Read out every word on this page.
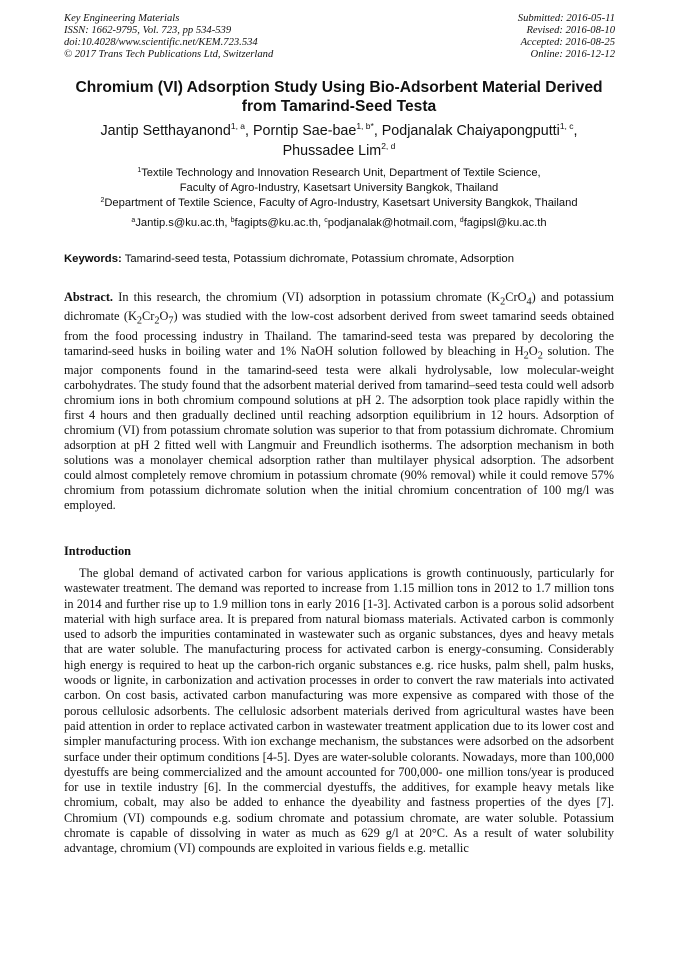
Key Engineering Materials
ISSN: 1662-9795, Vol. 723, pp 534-539
doi:10.4028/www.scientific.net/KEM.723.534
© 2017 Trans Tech Publications Ltd, Switzerland
Submitted: 2016-05-11
Revised: 2016-08-10
Accepted: 2016-08-25
Online: 2016-12-12
Chromium (VI) Adsorption Study Using Bio-Adsorbent Material Derived
from Tamarind-Seed Testa
Jantip Setthayanond$^{1, a}$, Porntip Sae-bae$^{1, b*}$, Podjanalak Chaiyapongputti$^{1, c}$,
Phussadee Lim$^{2, d}$
$^1$Textile Technology and Innovation Research Unit, Department of Textile Science,
Faculty of Agro-Industry, Kasetsart University Bangkok, Thailand
$^2$Department of Textile Science, Faculty of Agro-Industry, Kasetsart University Bangkok, Thailand
$^a$Jantip.s@ku.ac.th, $^b$fagipts@ku.ac.th, $^c$podjanalak@hotmail.com, $^d$fagipsl@ku.ac.th
Keywords: Tamarind-seed testa, Potassium dichromate, Potassium chromate, Adsorption
Abstract. In this research, the chromium (VI) adsorption in potassium chromate $(K_2CrO_4)$ and potassium dichromate $(K_2Cr_2O_7)$ was studied with the low-cost adsorbent derived from sweet tamarind seeds obtained from the food processing industry in Thailand. The tamarind-seed testa was prepared by decoloring the tamarind-seed husks in boiling water and 1% NaOH solution followed by bleaching in $H_2O_2$ solution. The major components found in the tamarind-seed testa were alkali hydrolysable, low molecular-weight carbohydrates. The study found that the adsorbent material derived from tamarind–seed testa could well adsorb chromium ions in both chromium compound solutions at pH 2. The adsorption took place rapidly within the first 4 hours and then gradually declined until reaching adsorption equilibrium in 12 hours. Adsorption of chromium (VI) from potassium chromate solution was superior to that from potassium dichromate. Chromium adsorption at pH 2 fitted well with Langmuir and Freundlich isotherms. The adsorption mechanism in both solutions was a monolayer chemical adsorption rather than multilayer physical adsorption. The adsorbent could almost completely remove chromium in potassium chromate (90% removal) while it could remove 57% chromium from potassium dichromate solution when the initial chromium concentration of 100 mg/l was employed.
Introduction
The global demand of activated carbon for various applications is growth continuously, particularly for wastewater treatment. The demand was reported to increase from 1.15 million tons in 2012 to 1.7 million tons in 2014 and further rise up to 1.9 million tons in early 2016 [1-3]. Activated carbon is a porous solid adsorbent material with high surface area. It is prepared from natural biomass materials. Activated carbon is commonly used to adsorb the impurities contaminated in wastewater such as organic substances, dyes and heavy metals that are water soluble. The manufacturing process for activated carbon is energy-consuming. Considerably high energy is required to heat up the carbon-rich organic substances e.g. rice husks, palm shell, palm husks, woods or lignite, in carbonization and activation processes in order to convert the raw materials into activated carbon. On cost basis, activated carbon manufacturing was more expensive as compared with those of the porous cellulosic adsorbents. The cellulosic adsorbent materials derived from agricultural wastes have been paid attention in order to replace activated carbon in wastewater treatment application due to its lower cost and simpler manufacturing process. With ion exchange mechanism, the substances were adsorbed on the adsorbent surface under their optimum conditions [4-5]. Dyes are water-soluble colorants. Nowadays, more than 100,000 dyestuffs are being commercialized and the amount accounted for 700,000- one million tons/year is produced for use in textile industry [6]. In the commercial dyestuffs, the additives, for example heavy metals like chromium, cobalt, may also be added to enhance the dyeability and fastness properties of the dyes [7]. Chromium (VI) compounds e.g. sodium chromate and potassium chromate, are water soluble. Potassium chromate is capable of dissolving in water as much as 629 g/l at 20°C. As a result of water solubility advantage, chromium (VI) compounds are exploited in various fields e.g. metallic
